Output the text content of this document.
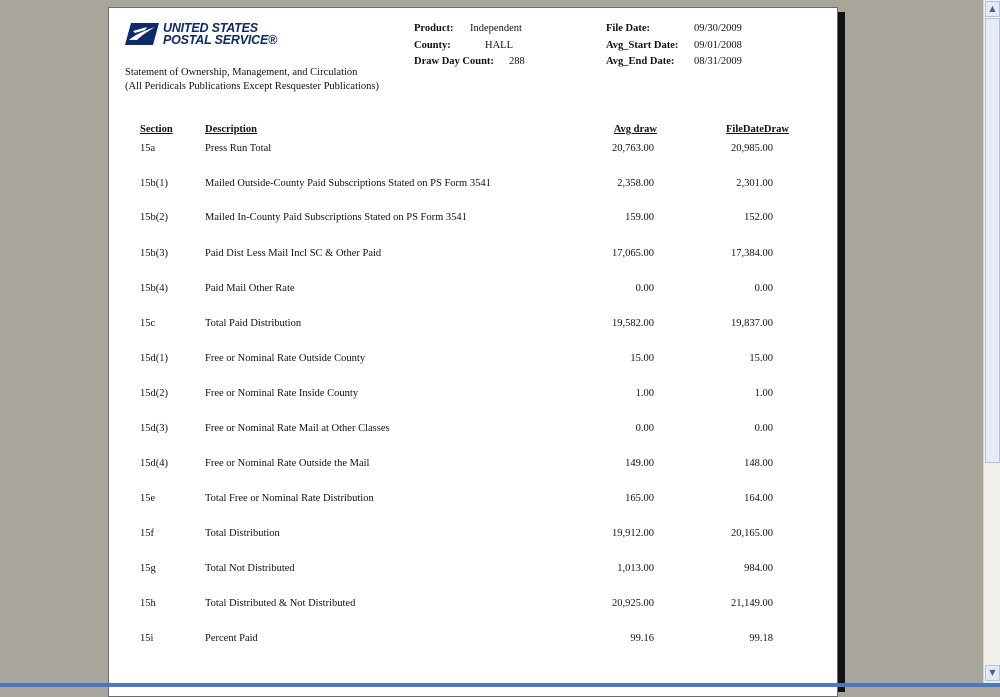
UNITED STATES
POSTAL SERVICE®
Product: Independent
County:	HALL
Draw Day Count: 288
File Date:	09/30/2009
Avg_Start Date: 09/01/2008
Avg_End Date: 08/31/2009
Statement of Ownership, Management, and Circulation
(All Peridicals Publications Except Resquester Publications)
Section	Description	Avg draw	FileDateDraw
15a	Press Run Total	20,763.00	20,985.00
15b(1)	Mailed Outside-County Paid Subscriptions Stated on PS Form 3541	2,358.00	2,301.00
15b(2)	Mailed In-County Paid Subscriptions Stated on PS Form 3541	159.00	152.00
15b(3)	Paid Dist Less Mail Incl SC & Other Paid	17,065.00	17,384.00
15b(4)	Paid Mail Other Rate	0.00	0.00
15c	Total Paid Distribution	19,582.00	19,837.00
15d(1)	Free or Nominal Rate Outside County	15.00	15.00
15d(2)	Free or Nominal Rate Inside County	1.00	1.00
15d(3)	Free or Nominal Rate Mail at Other Classes	0.00	0.00
15d(4)	Free or Nominal Rate Outside the Mail	149.00	148.00
15e	Total Free or Nominal Rate Distribution	165.00	164.00
15f	Total Distribution	19,912.00	20,165.00
15g	Total Not Distributed	1,013.00	984.00
15h	Total Distributed & Not Distributed	20,925.00	21,149.00
15i	Percent Paid	99.16	99.18
▲
▼
